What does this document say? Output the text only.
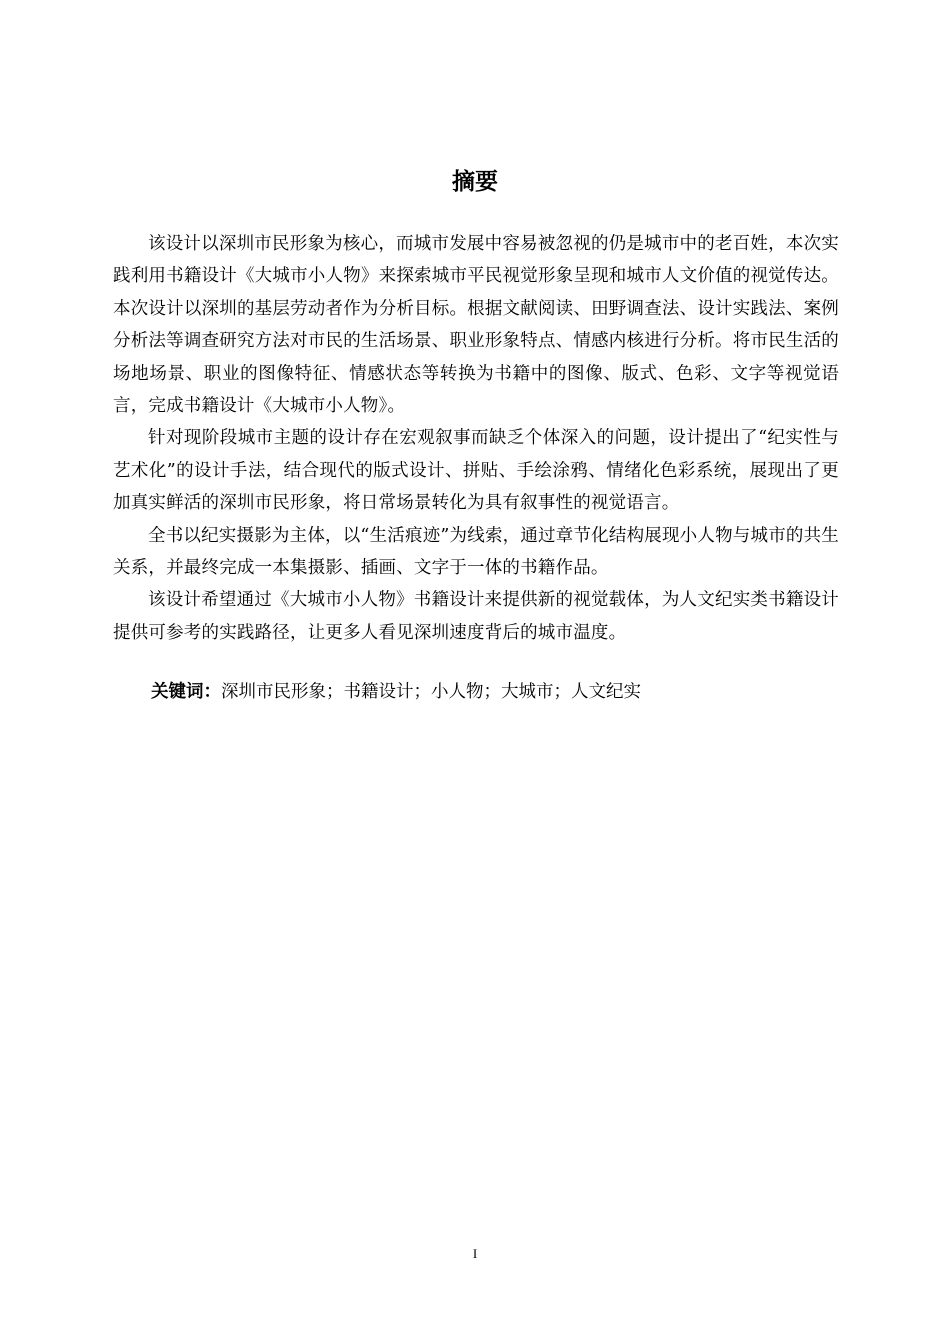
摘要

该设计以深圳市民形象为核心，而城市发展中容易被忽视的仍是城市中的老百姓，本次实践利用书籍设计《大城市小人物》来探索城市平民视觉形象呈现和城市人文价值的视觉传达。本次设计以深圳的基层劳动者作为分析目标。根据文献阅读、田野调查法、设计实践法、案例分析法等调查研究方法对市民的生活场景、职业形象特点、情感内核进行分析。将市民生活的场地场景、职业的图像特征、情感状态等转换为书籍中的图像、版式、色彩、文字等视觉语言，完成书籍设计《大城市小人物》。

针对现阶段城市主题的设计存在宏观叙事而缺乏个体深入的问题，设计提出了“纪实性与艺术化”的设计手法，结合现代的版式设计、拼贴、手绘涂鸦、情绪化色彩系统，展现出了更加真实鲜活的深圳市民形象，将日常场景转化为具有叙事性的视觉语言。

全书以纪实摄影为主体，以“生活痕迹”为线索，通过章节化结构展现小人物与城市的共生关系，并最终完成一本集摄影、插画、文字于一体的书籍作品。

该设计希望通过《大城市小人物》书籍设计来提供新的视觉载体，为人文纪实类书籍设计提供可参考的实践路径，让更多人看见深圳速度背后的城市温度。

关键词：深圳市民形象；书籍设计；小人物；大城市；人文纪实

I
